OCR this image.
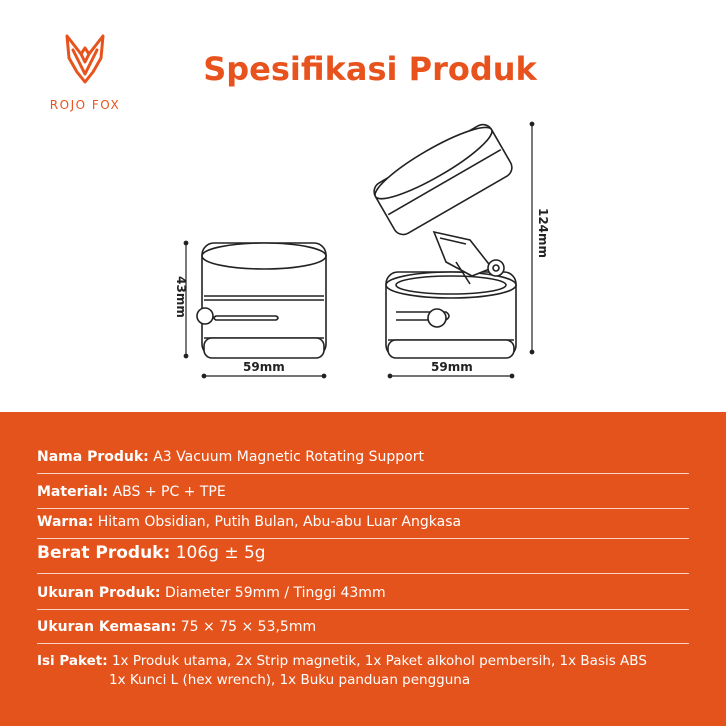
ROJO FOX
Spesifikasi Produk
43mm
59mm
124mm
59mm
Nama Produk: A3 Vacuum Magnetic Rotating Support
Material: ABS + PC + TPE
Warna: Hitam Obsidian, Putih Bulan, Abu-abu Luar Angkasa
Berat Produk: 106g ± 5g
Ukuran Produk: Diameter 59mm / Tinggi 43mm
Ukuran Kemasan: 75 × 75 × 53,5mm
Isi Paket: 1x Produk utama, 2x Strip magnetik, 1x Paket alkohol pembersih, 1x Basis ABS
1x Kunci L (hex wrench), 1x Buku panduan pengguna
